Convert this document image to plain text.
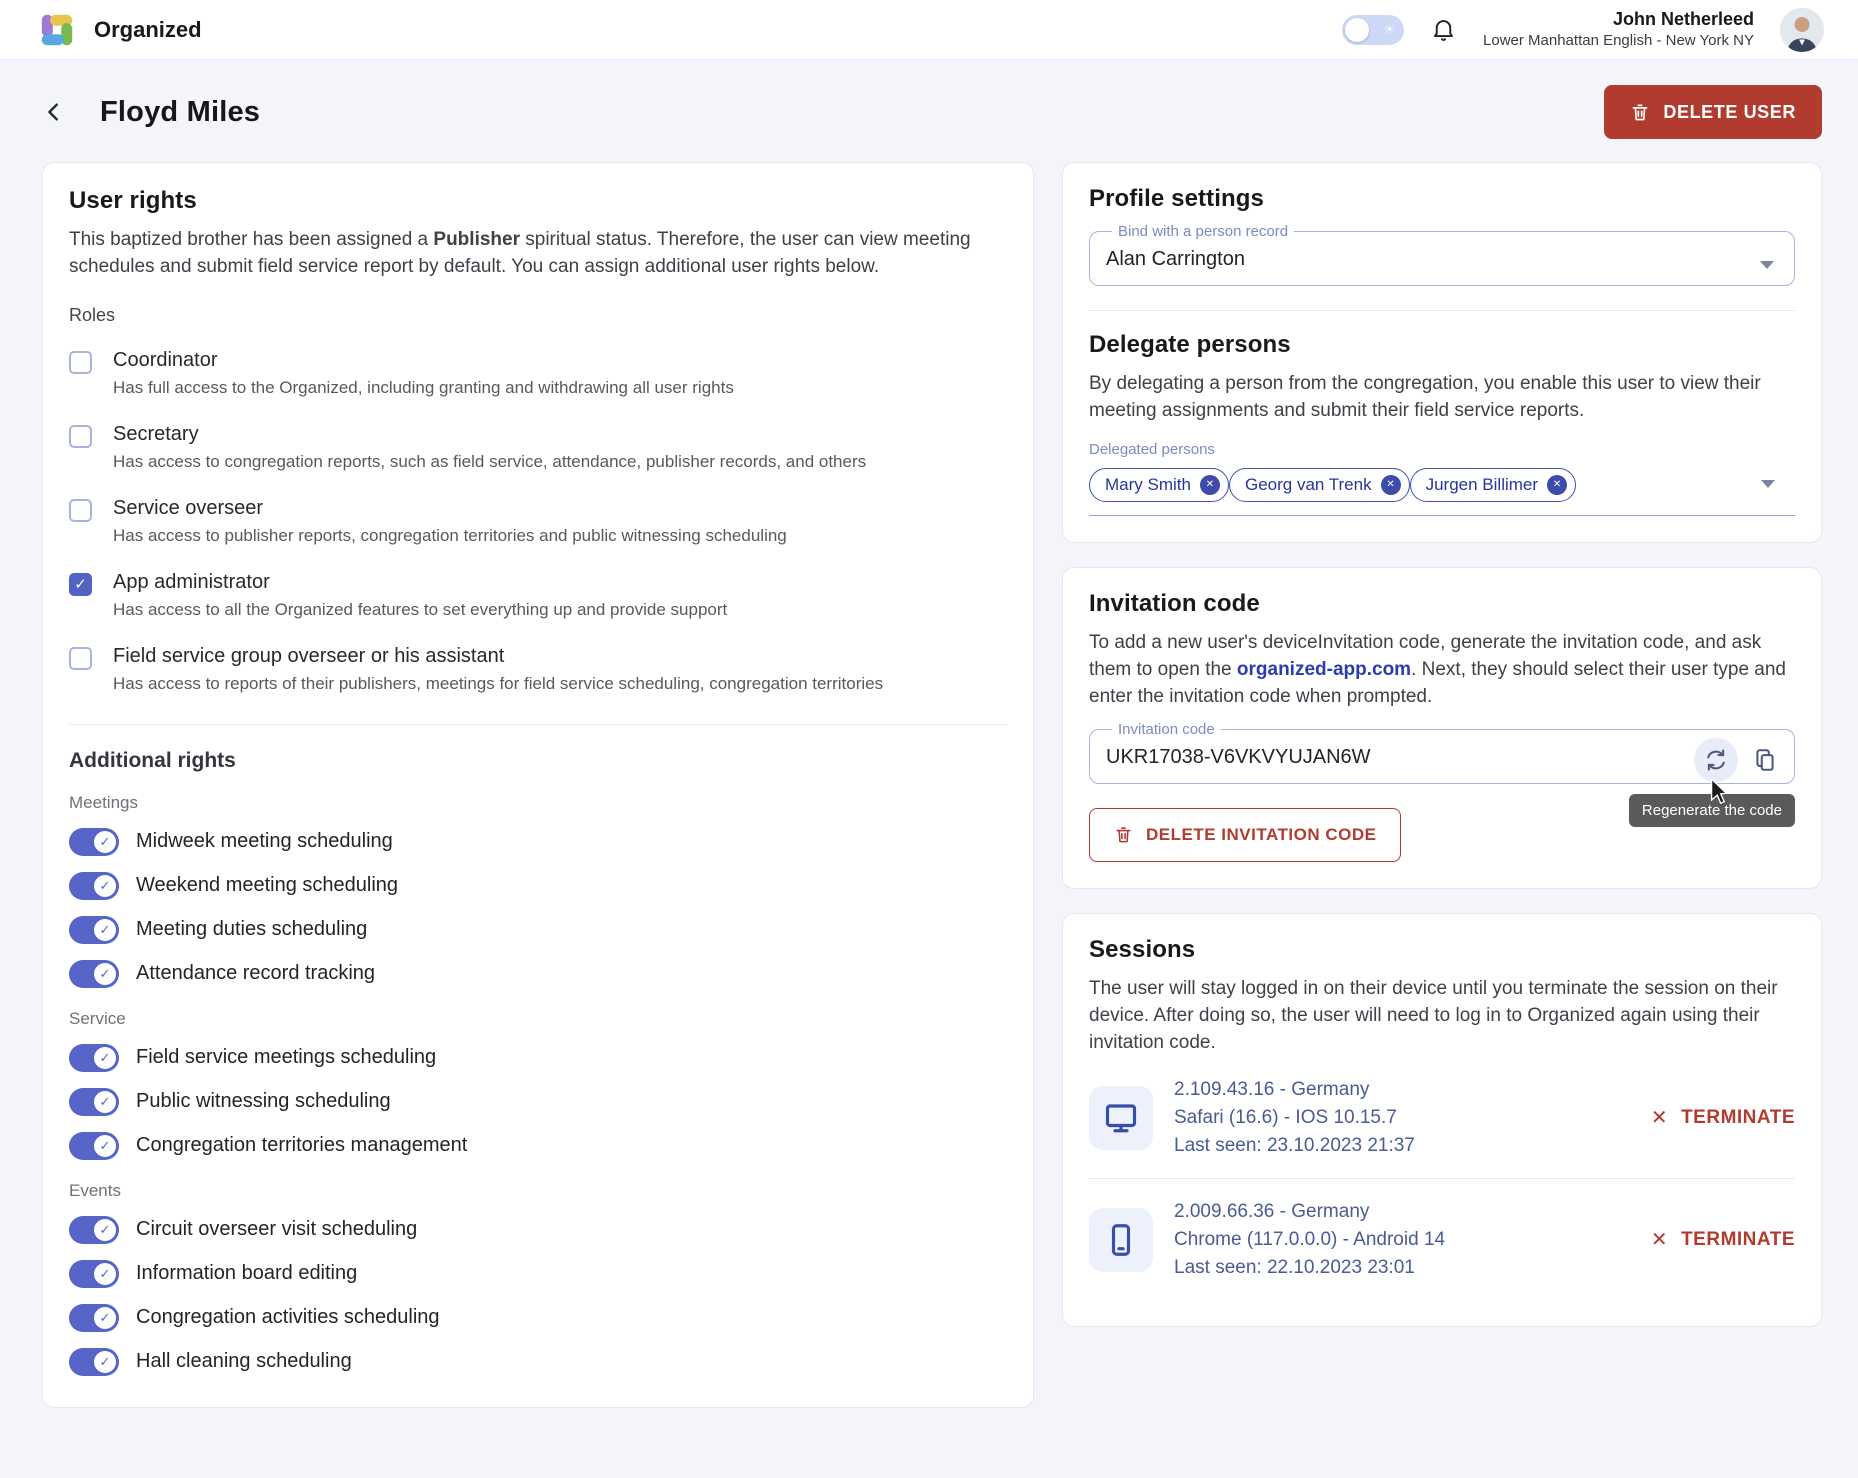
Organized	☀
John Netherleed
Lower Manhattan English - New York NY
Floyd Miles	DELETE USER
User rights

This baptized brother has been assigned a Publisher spiritual status. Therefore, the user can view meeting schedules and submit field service report by default. You can assign additional user rights below.

Roles
Coordinator
Has full access to the Organized, including granting and withdrawing all user rights
Secretary
Has access to congregation reports, such as field service, attendance, publisher records, and others
Service overseer
Has access to publisher reports, congregation territories and public witnessing scheduling
✓ App administrator
Has access to all the Organized features to set everything up and provide support
Field service group overseer or his assistant
Has access to reports of their publishers, meetings for field service scheduling, congregation territories
Additional rights
Meetings
✓ Midweek meeting scheduling
✓ Weekend meeting scheduling
✓ Meeting duties scheduling
✓ Attendance record tracking
Service
✓ Field service meetings scheduling
✓ Public witnessing scheduling
✓ Congregation territories management
Events
✓ Circuit overseer visit scheduling
✓ Information board editing
✓ Congregation activities scheduling
✓ Hall cleaning scheduling
Profile settings
Bind with a person record
Alan Carrington
Delegate persons

By delegating a person from the congregation, you enable this user to view their meeting assignments and submit their field service reports.

Delegated persons
Mary Smith	✕	Georg van Trenk	✕	Jurgen Billimer	✕
Invitation code

To add a new user's deviceInvitation code, generate the invitation code, and ask them to open the organized-app.com. Next, they should select their user type and enter the invitation code when prompted.

Invitation code
UKR17038-V6VKVYUJAN6W
DELETE INVITATION CODE
Regenerate the code
Sessions

The user will stay logged in on their device until you terminate the session on their device. After doing so, the user will need to log in to Organized again using their invitation code.

2.109.43.16 - Germany
Safari (16.6) - IOS 10.15.7
Last seen: 23.10.2023 21:37
✕ TERMINATE
2.009.66.36 - Germany
Chrome (117.0.0.0) - Android 14
Last seen: 22.10.2023 23:01
✕ TERMINATE
